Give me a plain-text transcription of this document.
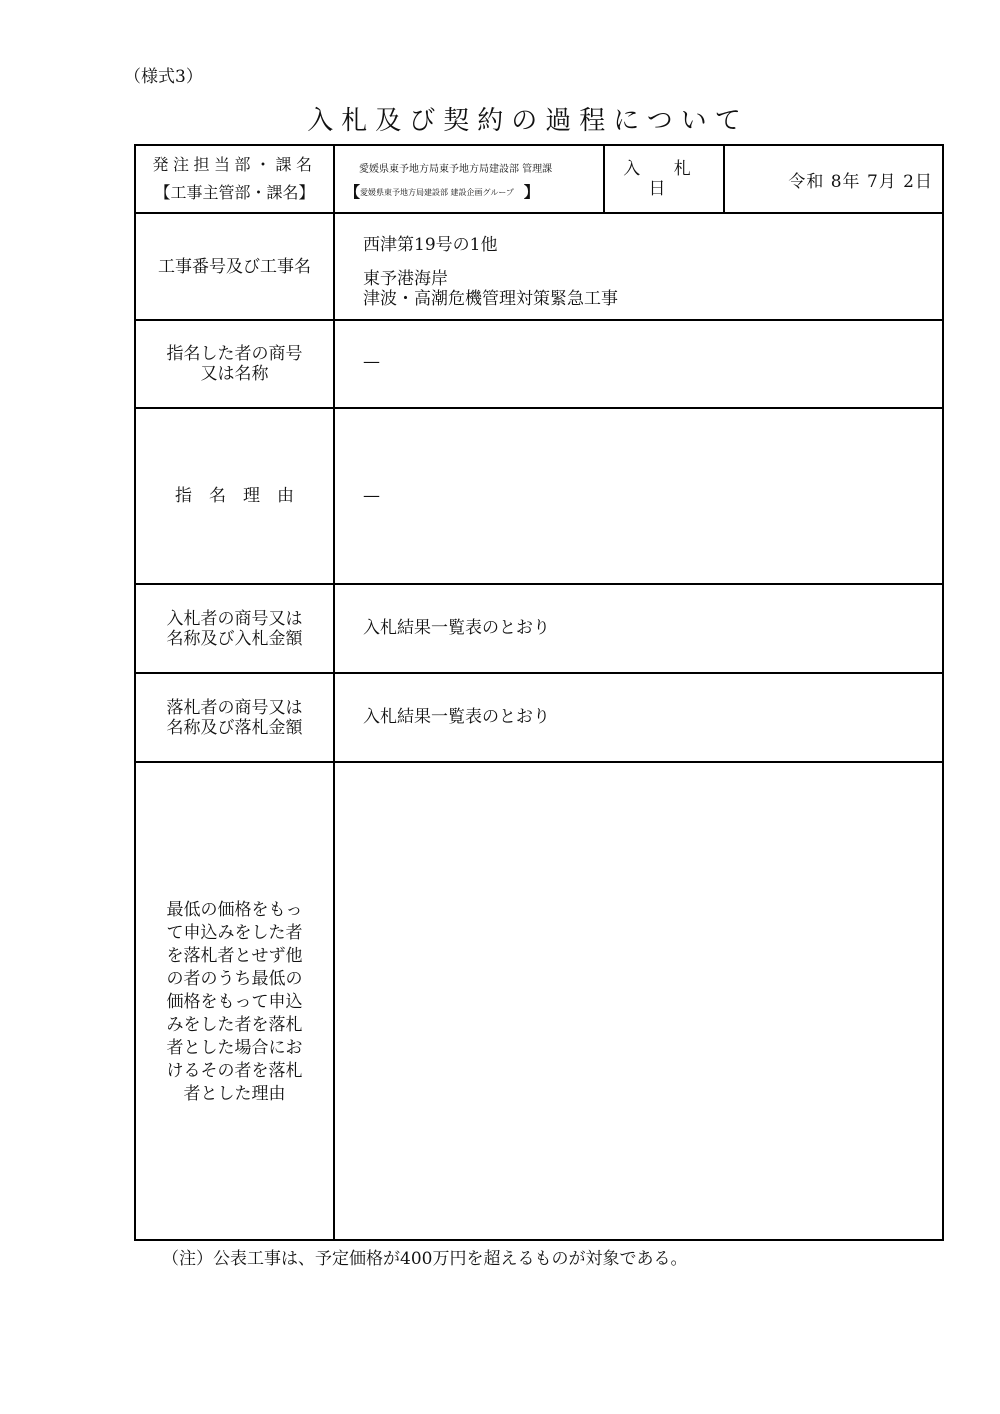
（様式3）
入札及び契約の過程について
発注担当部・課名
【工事主管部・課名】
愛媛県東予地方局東予地方局建設部 管理課
【$^{愛媛県東予地方局建設部 建設企画グループ}$ 】
入 札 日	令和 8年 7月 2日
工事番号及び工事名
西津第19号の1他
東予港海岸
津波・高潮危機管理対策緊急工事
指名した者の商号
又は名称
—
指　名　理　由	—
入札者の商号又は
名称及び入札金額
入札結果一覧表のとおり
落札者の商号又は
名称及び落札金額
入札結果一覧表のとおり
最低の価格をもっ
て申込みをした者
を落札者とせず他
の者のうち最低の
価格をもって申込
みをした者を落札
者とした場合にお
けるその者を落札
者とした理由
（注）公表工事は、予定価格が400万円を超えるものが対象である。
